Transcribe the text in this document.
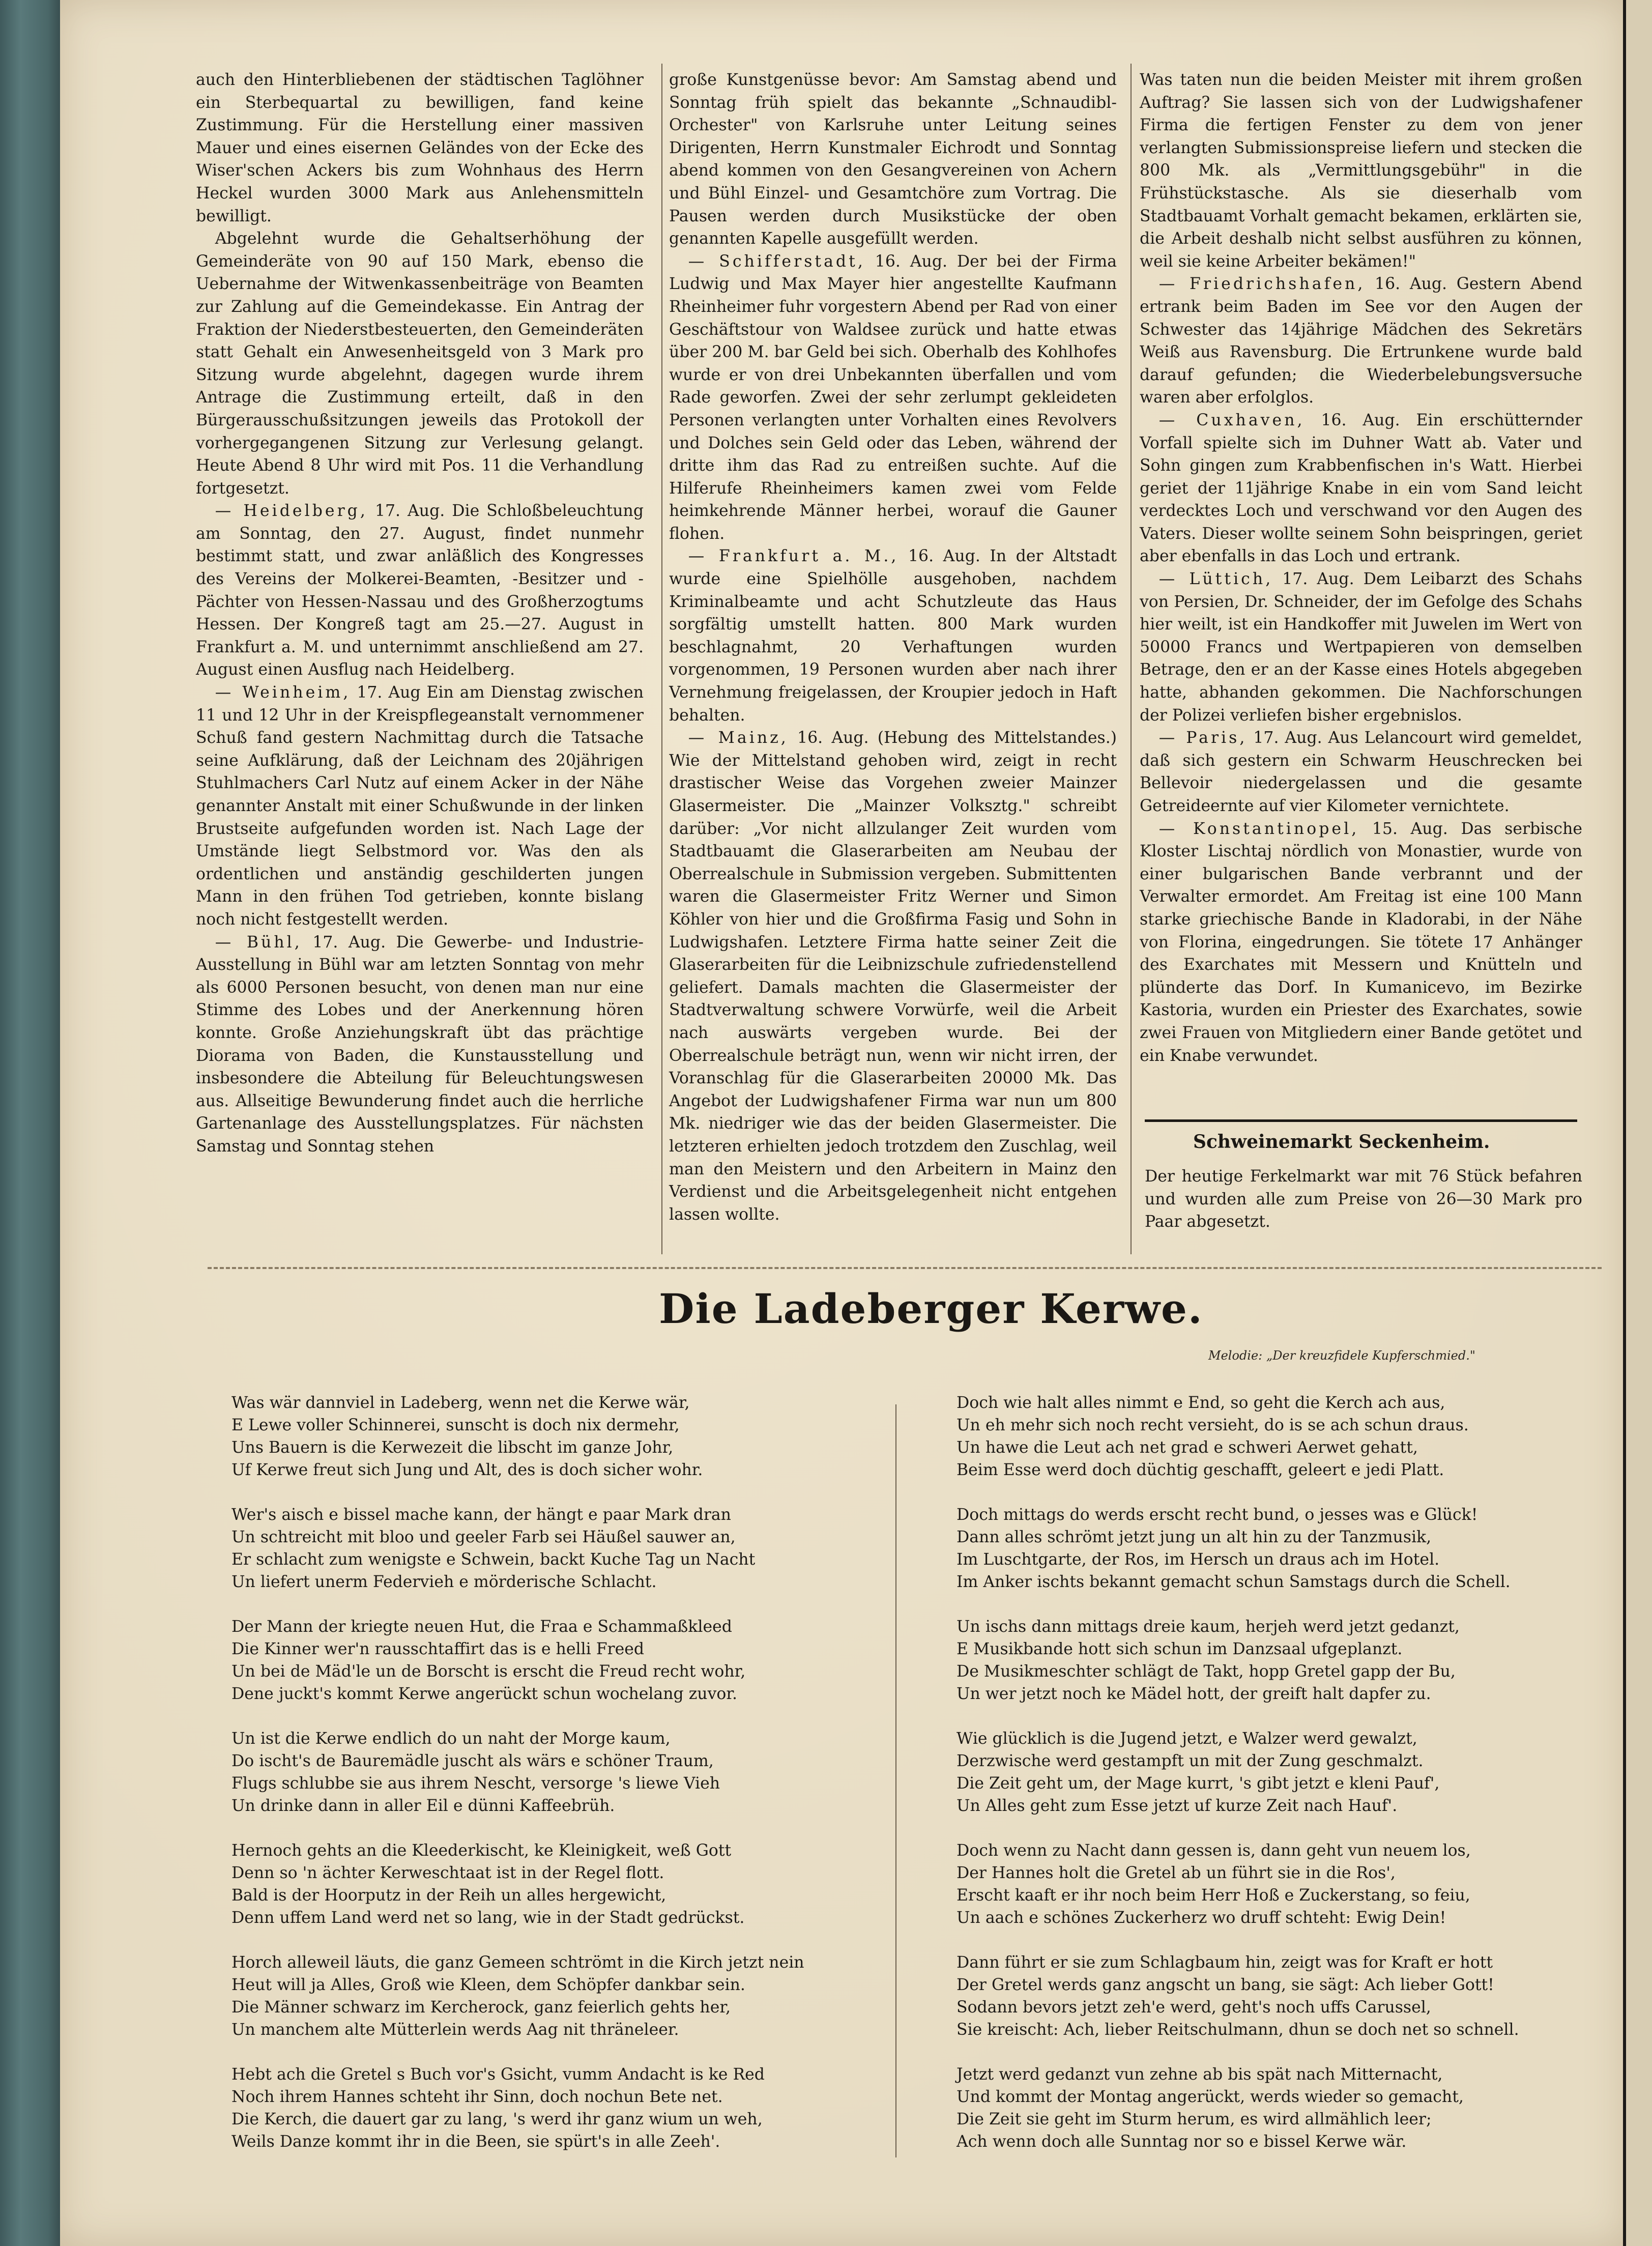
auch den Hinterbliebenen der städtischen Taglöhner ein Sterbequartal zu bewilligen, fand keine Zustimmung. Für die Herstellung einer massiven Mauer und eines eisernen Geländes von der Ecke des Wiser'schen Ackers bis zum Wohnhaus des Herrn Heckel wurden 3000 Mark aus Anlehensmitteln bewilligt.

Abgelehnt wurde die Gehaltserhöhung der Gemeinderäte von 90 auf 150 Mark, ebenso die Uebernahme der Witwenkassenbeiträge von Beamten zur Zahlung auf die Gemeindekasse. Ein Antrag der Fraktion der Niederstbesteuerten, den Gemeinderäten statt Gehalt ein Anwesenheitsgeld von 3 Mark pro Sitzung wurde abgelehnt, dagegen wurde ihrem Antrage die Zustimmung erteilt, daß in den Bürgerausschußsitzungen jeweils das Protokoll der vorhergegangenen Sitzung zur Verlesung gelangt. Heute Abend 8 Uhr wird mit Pos. 11 die Verhandlung fortgesetzt.

— Heidelberg, 17. Aug. Die Schloßbeleuchtung am Sonntag, den 27. August, findet nunmehr bestimmt statt, und zwar anläßlich des Kongresses des Vereins der Molkerei-Beamten, -Besitzer und -Pächter von Hessen-Nassau und des Großherzogtums Hessen. Der Kongreß tagt am 25.—27. August in Frankfurt a. M. und unternimmt anschließend am 27. August einen Ausflug nach Heidelberg.

— Weinheim, 17. Aug Ein am Dienstag zwischen 11 und 12 Uhr in der Kreispflegeanstalt vernommener Schuß fand gestern Nachmittag durch die Tatsache seine Aufklärung, daß der Leichnam des 20jährigen Stuhlmachers Carl Nutz auf einem Acker in der Nähe genannter Anstalt mit einer Schußwunde in der linken Brustseite aufgefunden worden ist. Nach Lage der Umstände liegt Selbstmord vor. Was den als ordentlichen und anständig geschilderten jungen Mann in den frühen Tod getrieben, konnte bislang noch nicht festgestellt werden.

— Bühl, 17. Aug. Die Gewerbe- und Industrie-Ausstellung in Bühl war am letzten Sonntag von mehr als 6000 Personen besucht, von denen man nur eine Stimme des Lobes und der Anerkennung hören konnte. Große Anziehungskraft übt das prächtige Diorama von Baden, die Kunstausstellung und insbesondere die Abteilung für Beleuchtungswesen aus. Allseitige Bewunderung findet auch die herrliche Gartenanlage des Ausstellungsplatzes. Für nächsten Samstag und Sonntag stehen

große Kunstgenüsse bevor: Am Samstag abend und Sonntag früh spielt das bekannte „Schnaudibl-Orchester" von Karlsruhe unter Leitung seines Dirigenten, Herrn Kunstmaler Eichrodt und Sonntag abend kommen von den Gesangvereinen von Achern und Bühl Einzel- und Gesamtchöre zum Vortrag. Die Pausen werden durch Musikstücke der oben genannten Kapelle ausgefüllt werden.

— Schifferstadt, 16. Aug. Der bei der Firma Ludwig und Max Mayer hier angestellte Kaufmann Rheinheimer fuhr vorgestern Abend per Rad von einer Geschäftstour von Waldsee zurück und hatte etwas über 200 M. bar Geld bei sich. Oberhalb des Kohlhofes wurde er von drei Unbekannten überfallen und vom Rade geworfen. Zwei der sehr zerlumpt gekleideten Personen verlangten unter Vorhalten eines Revolvers und Dolches sein Geld oder das Leben, während der dritte ihm das Rad zu entreißen suchte. Auf die Hilferufe Rheinheimers kamen zwei vom Felde heimkehrende Männer herbei, worauf die Gauner flohen.

— Frankfurt a. M., 16. Aug. In der Altstadt wurde eine Spielhölle ausgehoben, nachdem Kriminalbeamte und acht Schutzleute das Haus sorgfältig umstellt hatten. 800 Mark wurden beschlagnahmt, 20 Verhaftungen wurden vorgenommen, 19 Personen wurden aber nach ihrer Vernehmung freigelassen, der Kroupier jedoch in Haft behalten.

— Mainz, 16. Aug. (Hebung des Mittelstandes.) Wie der Mittelstand gehoben wird, zeigt in recht drastischer Weise das Vorgehen zweier Mainzer Glasermeister. Die „Mainzer Volksztg." schreibt darüber: „Vor nicht allzulanger Zeit wurden vom Stadtbauamt die Glaserarbeiten am Neubau der Oberrealschule in Submission vergeben. Submittenten waren die Glasermeister Fritz Werner und Simon Köhler von hier und die Großfirma Fasig und Sohn in Ludwigshafen. Letztere Firma hatte seiner Zeit die Glaserarbeiten für die Leibnizschule zufriedenstellend geliefert. Damals machten die Glasermeister der Stadtverwaltung schwere Vorwürfe, weil die Arbeit nach auswärts vergeben wurde. Bei der Oberrealschule beträgt nun, wenn wir nicht irren, der Voranschlag für die Glaserarbeiten 20000 Mk. Das Angebot der Ludwigshafener Firma war nun um 800 Mk. niedriger wie das der beiden Glasermeister. Die letzteren erhielten jedoch trotzdem den Zuschlag, weil man den Meistern und den Arbeitern in Mainz den Verdienst und die Arbeitsgelegenheit nicht entgehen lassen wollte.

Was taten nun die beiden Meister mit ihrem großen Auftrag? Sie lassen sich von der Ludwigshafener Firma die fertigen Fenster zu dem von jener verlangten Submissionspreise liefern und stecken die 800 Mk. als „Vermittlungsgebühr" in die Frühstückstasche. Als sie dieserhalb vom Stadtbauamt Vorhalt gemacht bekamen, erklärten sie, die Arbeit deshalb nicht selbst ausführen zu können, weil sie keine Arbeiter bekämen!"

— Friedrichshafen, 16. Aug. Gestern Abend ertrank beim Baden im See vor den Augen der Schwester das 14jährige Mädchen des Sekretärs Weiß aus Ravensburg. Die Ertrunkene wurde bald darauf gefunden; die Wiederbelebungsversuche waren aber erfolglos.

— Cuxhaven, 16. Aug. Ein erschütternder Vorfall spielte sich im Duhner Watt ab. Vater und Sohn gingen zum Krabbenfischen in's Watt. Hierbei geriet der 11jährige Knabe in ein vom Sand leicht verdecktes Loch und verschwand vor den Augen des Vaters. Dieser wollte seinem Sohn beispringen, geriet aber ebenfalls in das Loch und ertrank.

— Lüttich, 17. Aug. Dem Leibarzt des Schahs von Persien, Dr. Schneider, der im Gefolge des Schahs hier weilt, ist ein Handkoffer mit Juwelen im Wert von 50000 Francs und Wertpapieren von demselben Betrage, den er an der Kasse eines Hotels abgegeben hatte, abhanden gekommen. Die Nachforschungen der Polizei verliefen bisher ergebnislos.

— Paris, 17. Aug. Aus Lelancourt wird gemeldet, daß sich gestern ein Schwarm Heuschrecken bei Bellevoir niedergelassen und die gesamte Getreideernte auf vier Kilometer vernichtete.

— Konstantinopel, 15. Aug. Das serbische Kloster Lischtaj nördlich von Monastier, wurde von einer bulgarischen Bande verbrannt und der Verwalter ermordet. Am Freitag ist eine 100 Mann starke griechische Bande in Kladorabi, in der Nähe von Florina, eingedrungen. Sie tötete 17 Anhänger des Exarchates mit Messern und Knütteln und plünderte das Dorf. In Kumanicevo, im Bezirke Kastoria, wurden ein Priester des Exarchates, sowie zwei Frauen von Mitgliedern einer Bande getötet und ein Knabe verwundet.

Schweinemarkt Seckenheim.
Der heutige Ferkelmarkt war mit 76 Stück befahren und wurden alle zum Preise von 26—30 Mark pro Paar abgesetzt.
Die Ladeberger Kerwe.
Melodie: „Der kreuzfidele Kupferschmied."
Was wär dannviel in Ladeberg, wenn net die Kerwe wär,
E Lewe voller Schinnerei, sunscht is doch nix dermehr,
Uns Bauern is die Kerwezeit die libscht im ganze Johr,
Uf Kerwe freut sich Jung und Alt, des is doch sicher wohr.
Wer's aisch e bissel mache kann, der hängt e paar Mark dran
Un schtreicht mit bloo und geeler Farb sei Häußel sauwer an,
Er schlacht zum wenigste e Schwein, backt Kuche Tag un Nacht
Un liefert unerm Federvieh e mörderische Schlacht.
Der Mann der kriegte neuen Hut, die Fraa e Schammaßkleed
Die Kinner wer'n rausschtaffirt das is e helli Freed
Un bei de Mäd'le un de Borscht is erscht die Freud recht wohr,
Dene juckt's kommt Kerwe angerückt schun wochelang zuvor.
Un ist die Kerwe endlich do un naht der Morge kaum,
Do ischt's de Bauremädle juscht als wärs e schöner Traum,
Flugs schlubbe sie aus ihrem Nescht, versorge 's liewe Vieh
Un drinke dann in aller Eil e dünni Kaffeebrüh.
Hernoch gehts an die Kleederkischt, ke Kleinigkeit, weß Gott
Denn so 'n ächter Kerweschtaat ist in der Regel flott.
Bald is der Hoorputz in der Reih un alles hergewicht,
Denn uffem Land werd net so lang, wie in der Stadt gedrückst.
Horch alleweil läuts, die ganz Gemeen schtrömt in die Kirch jetzt nein
Heut will ja Alles, Groß wie Kleen, dem Schöpfer dankbar sein.
Die Männer schwarz im Kercherock, ganz feierlich gehts her,
Un manchem alte Mütterlein werds Aag nit thräneleer.
Hebt ach die Gretel s Buch vor's Gsicht, vumm Andacht is ke Red
Noch ihrem Hannes schteht ihr Sinn, doch nochun Bete net.
Die Kerch, die dauert gar zu lang, 's werd ihr ganz wium un weh,
Weils Danze kommt ihr in die Been, sie spürt's in alle Zeeh'.
Doch wie halt alles nimmt e End, so geht die Kerch ach aus,
Un eh mehr sich noch recht versieht, do is se ach schun draus.
Un hawe die Leut ach net grad e schweri Aerwet gehatt,
Beim Esse werd doch düchtig geschafft, geleert e jedi Platt.
Doch mittags do werds erscht recht bund, o jesses was e Glück!
Dann alles schrömt jetzt jung un alt hin zu der Tanzmusik,
Im Luschtgarte, der Ros, im Hersch un draus ach im Hotel.
Im Anker ischts bekannt gemacht schun Samstags durch die Schell.
Un ischs dann mittags dreie kaum, herjeh werd jetzt gedanzt,
E Musikbande hott sich schun im Danzsaal ufgeplanzt.
De Musikmeschter schlägt de Takt, hopp Gretel gapp der Bu,
Un wer jetzt noch ke Mädel hott, der greift halt dapfer zu.
Wie glücklich is die Jugend jetzt, e Walzer werd gewalzt,
Derzwische werd gestampft un mit der Zung geschmalzt.
Die Zeit geht um, der Mage kurrt, 's gibt jetzt e kleni Pauf',
Un Alles geht zum Esse jetzt uf kurze Zeit nach Hauf'.
Doch wenn zu Nacht dann gessen is, dann geht vun neuem los,
Der Hannes holt die Gretel ab un führt sie in die Ros',
Erscht kaaft er ihr noch beim Herr Hoß e Zuckerstang, so feiu,
Un aach e schönes Zuckerherz wo druff schteht: Ewig Dein!
Dann führt er sie zum Schlagbaum hin, zeigt was for Kraft er hott
Der Gretel werds ganz angscht un bang, sie sägt: Ach lieber Gott!
Sodann bevors jetzt zeh'e werd, geht's noch uffs Carussel,
Sie kreischt: Ach, lieber Reitschulmann, dhun se doch net so schnell.
Jetzt werd gedanzt vun zehne ab bis spät nach Mitternacht,
Und kommt der Montag angerückt, werds wieder so gemacht,
Die Zeit sie geht im Sturm herum, es wird allmählich leer;
Ach wenn doch alle Sunntag nor so e bissel Kerwe wär.
